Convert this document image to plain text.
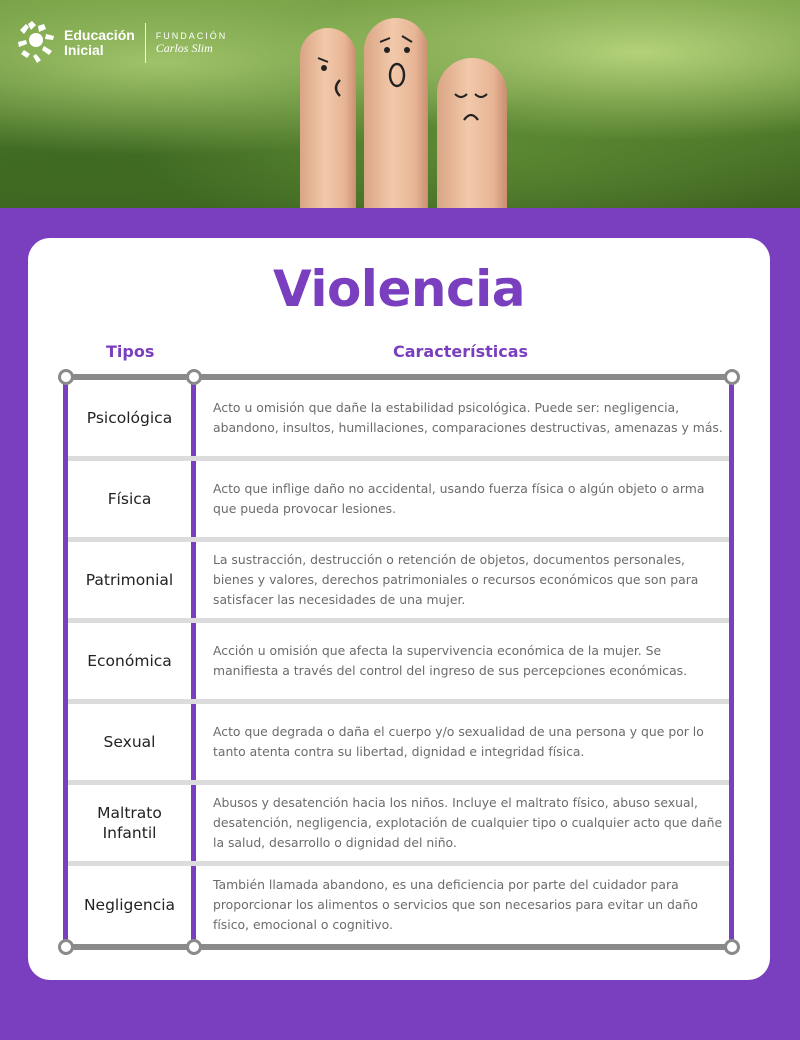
Educación
Inicial
FUNDACIÓN
Carlos Slim
Violencia
Tipos	Características
Psicológica
Acto u omisión que dañe la estabilidad psicológica. Puede ser: negligencia, abandono, insultos, humillaciones, comparaciones destructivas, amenazas y más.
Física
Acto que inflige daño no accidental, usando fuerza física o algún objeto o arma que pueda provocar lesiones.
Patrimonial
La sustracción, destrucción o retención de objetos, documentos personales, bienes y valores, derechos patrimoniales o recursos económicos que son para satisfacer las necesidades de una mujer.
Económica
Acción u omisión que afecta la supervivencia económica de la mujer. Se manifiesta a través del control del ingreso de sus percepciones económicas.
Sexual
Acto que degrada o daña el cuerpo y/o sexualidad de una persona y que por lo tanto atenta contra su libertad, dignidad e integridad física.
Maltrato Infantil
Abusos y desatención hacia los niños. Incluye el maltrato físico, abuso sexual, desatención, negligencia, explotación de cualquier tipo o cualquier acto que dañe la salud, desarrollo o dignidad del niño.
Negligencia
También llamada abandono, es una deficiencia por parte del cuidador para proporcionar los alimentos o servicios que son necesarios para evitar un daño físico, emocional o cognitivo.
